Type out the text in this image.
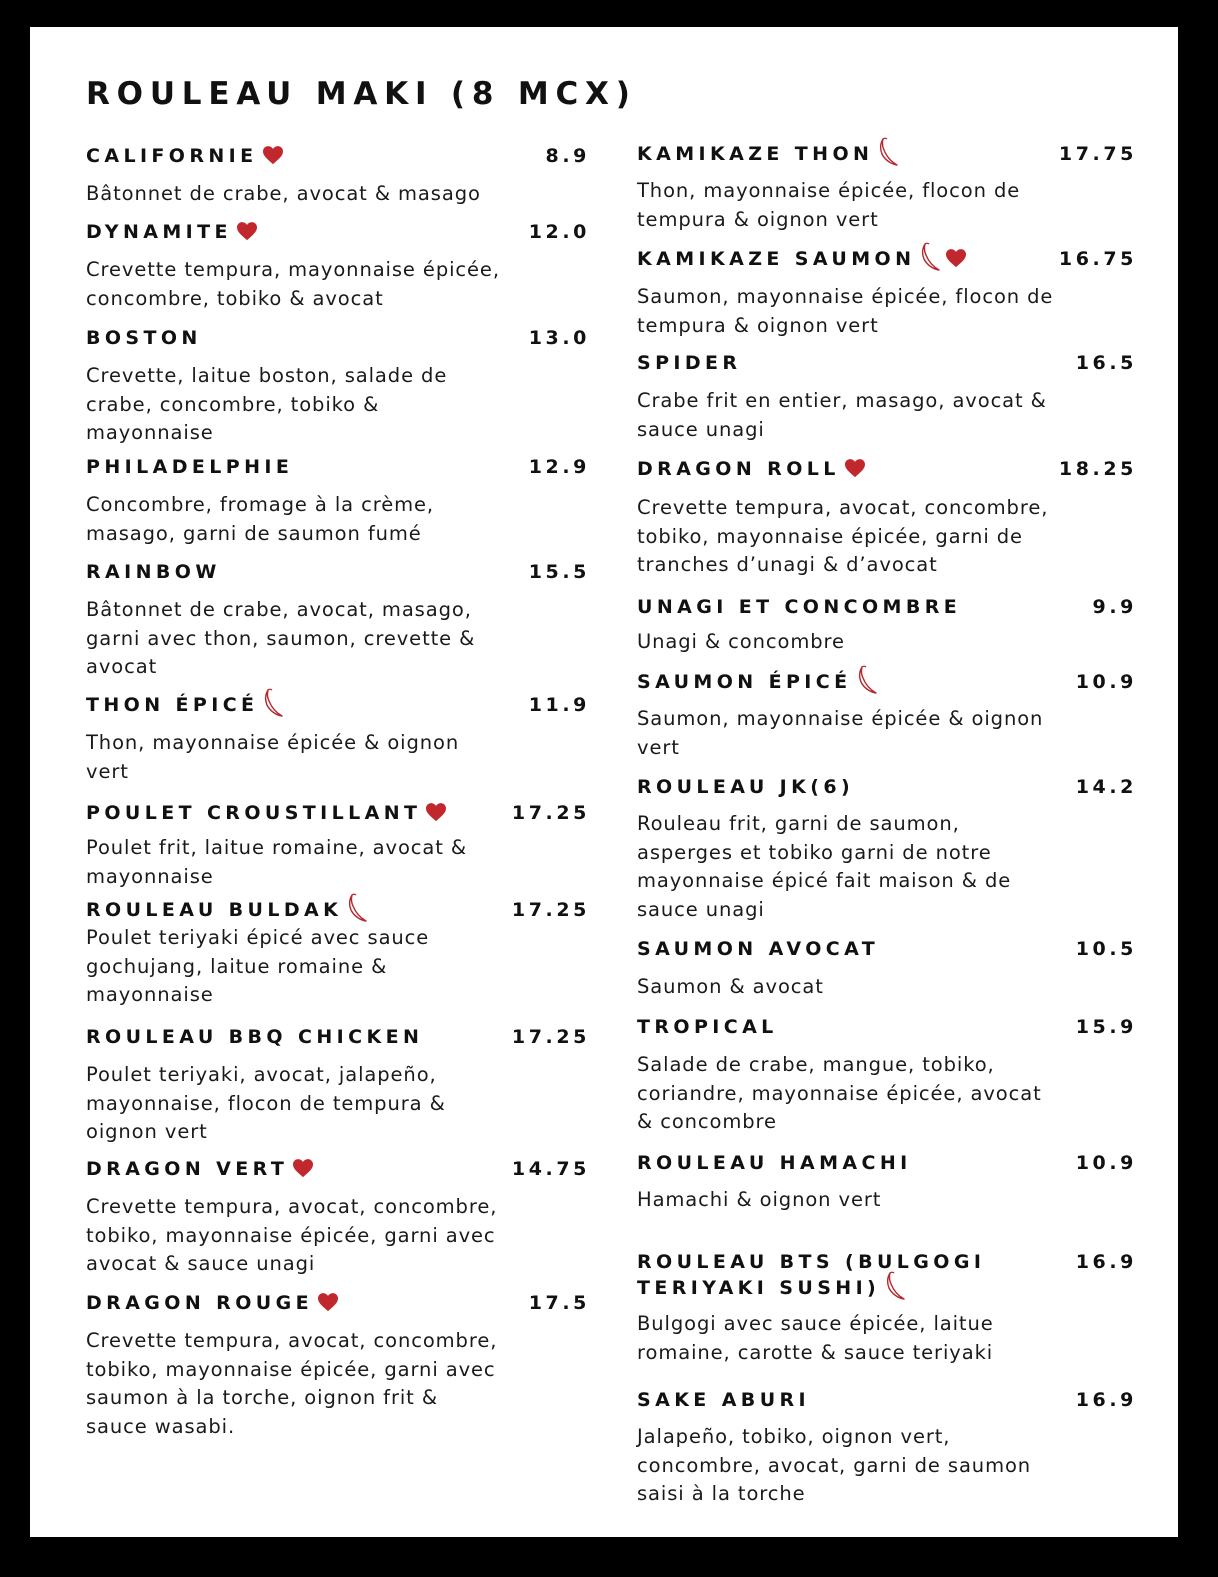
ROULEAU MAKI (8 MCX)
CALIFORNIE	8.9

Bâtonnet de crabe, avocat & masago

DYNAMITE	12.0

Crevette tempura, mayonnaise épicée, concombre, tobiko & avocat

BOSTON	13.0

Crevette, laitue boston, salade de crabe, concombre, tobiko & mayonnaise

PHILADELPHIE	12.9

Concombre, fromage à la crème, masago, garni de saumon fumé

RAINBOW	15.5

Bâtonnet de crabe, avocat, masago, garni avec thon, saumon, crevette & avocat

THON ÉPICÉ	11.9

Thon, mayonnaise épicée & oignon vert

POULET CROUSTILLANT	17.25

Poulet frit, laitue romaine, avocat & mayonnaise

ROULEAU BULDAK	17.25

Poulet teriyaki épicé avec sauce gochujang, laitue romaine & mayonnaise

ROULEAU BBQ CHICKEN	17.25

Poulet teriyaki, avocat, jalapeño, mayonnaise, flocon de tempura & oignon vert

DRAGON VERT	14.75

Crevette tempura, avocat, concombre, tobiko, mayonnaise épicée, garni avec avocat & sauce unagi

DRAGON ROUGE	17.5

Crevette tempura, avocat, concombre, tobiko, mayonnaise épicée, garni avec saumon à la torche, oignon frit & sauce wasabi.

KAMIKAZE THON	17.75

Thon, mayonnaise épicée, flocon de tempura & oignon vert

KAMIKAZE SAUMON	16.75

Saumon, mayonnaise épicée, flocon de tempura & oignon vert

SPIDER	16.5

Crabe frit en entier, masago, avocat & sauce unagi

DRAGON ROLL	18.25

Crevette tempura, avocat, concombre, tobiko, mayonnaise épicée, garni de tranches d’unagi & d’avocat

UNAGI ET CONCOMBRE	9.9

Unagi & concombre

SAUMON ÉPICÉ	10.9

Saumon, mayonnaise épicée & oignon vert

ROULEAU JK(6)	14.2

Rouleau frit, garni de saumon, asperges et tobiko garni de notre mayonnaise épicé fait maison & de sauce unagi

SAUMON AVOCAT	10.5

Saumon & avocat

TROPICAL	15.9

Salade de crabe, mangue, tobiko, coriandre, mayonnaise épicée, avocat & concombre

ROULEAU HAMACHI	10.9

Hamachi & oignon vert

ROULEAU BTS (BULGOGI
TERIYAKI SUSHI)
16.9

Bulgogi avec sauce épicée, laitue romaine, carotte & sauce teriyaki

SAKE ABURI	16.9

Jalapeño, tobiko, oignon vert, concombre, avocat, garni de saumon saisi à la torche
